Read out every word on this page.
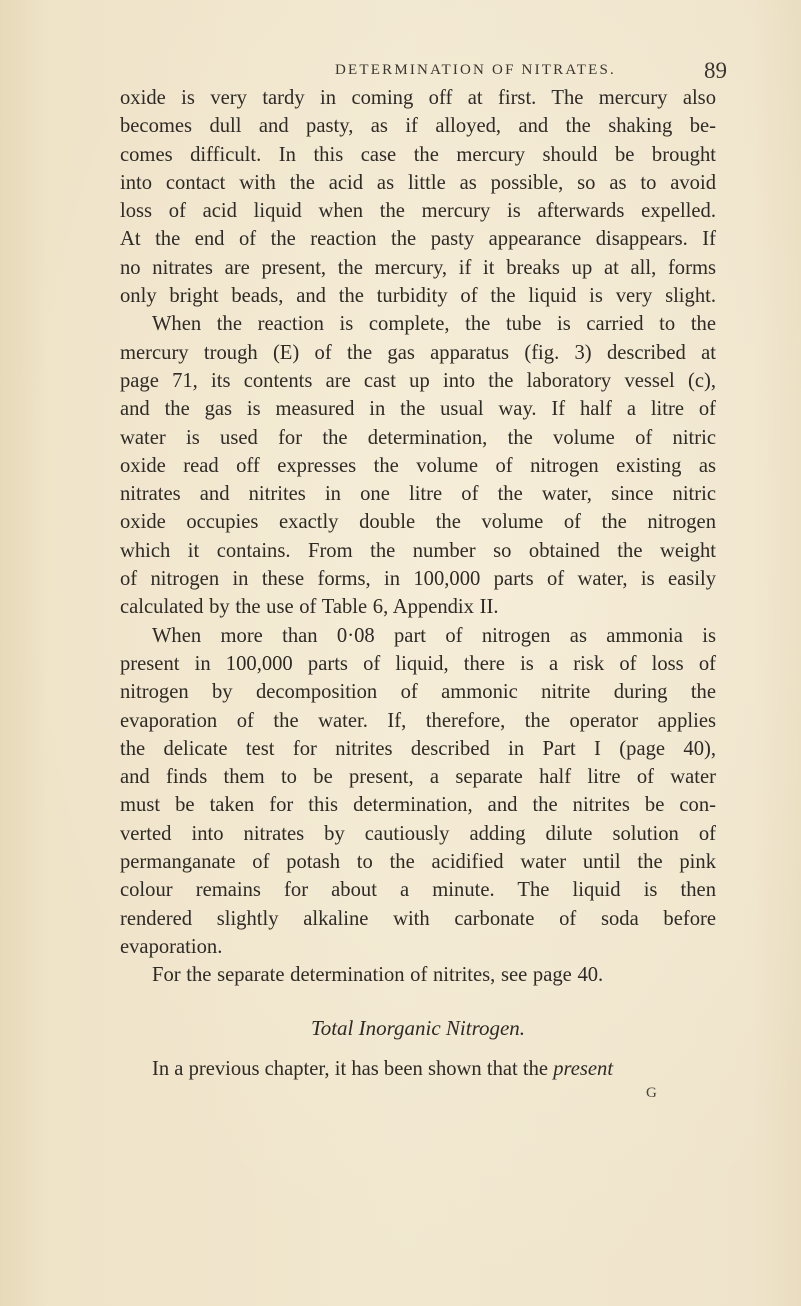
DETERMINATION OF NITRATES.	89
oxide is very tardy in coming off at first. The mercury also
becomes dull and pasty, as if alloyed, and the shaking be-
comes difficult. In this case the mercury should be brought
into contact with the acid as little as possible, so as to avoid
loss of acid liquid when the mercury is afterwards expelled.
At the end of the reaction the pasty appearance disappears. If
no nitrates are present, the mercury, if it breaks up at all, forms
only bright beads, and the turbidity of the liquid is very slight.
When the reaction is complete, the tube is carried to the
mercury trough (E) of the gas apparatus (fig. 3) described at
page 71, its contents are cast up into the laboratory vessel (c),
and the gas is measured in the usual way. If half a litre of
water is used for the determination, the volume of nitric
oxide read off expresses the volume of nitrogen existing as
nitrates and nitrites in one litre of the water, since nitric
oxide occupies exactly double the volume of the nitrogen
which it contains. From the number so obtained the weight
of nitrogen in these forms, in 100,000 parts of water, is easily
calculated by the use of Table 6, Appendix II.
When more than 0·08 part of nitrogen as ammonia is
present in 100,000 parts of liquid, there is a risk of loss of
nitrogen by decomposition of ammonic nitrite during the
evaporation of the water. If, therefore, the operator applies
the delicate test for nitrites described in Part I (page 40),
and finds them to be present, a separate half litre of water
must be taken for this determination, and the nitrites be con-
verted into nitrates by cautiously adding dilute solution of
permanganate of potash to the acidified water until the pink
colour remains for about a minute. The liquid is then
rendered slightly alkaline with carbonate of soda before
evaporation.
For the separate determination of nitrites, see page 40.
Total Inorganic Nitrogen.
In a previous chapter, it has been shown that the present
G
